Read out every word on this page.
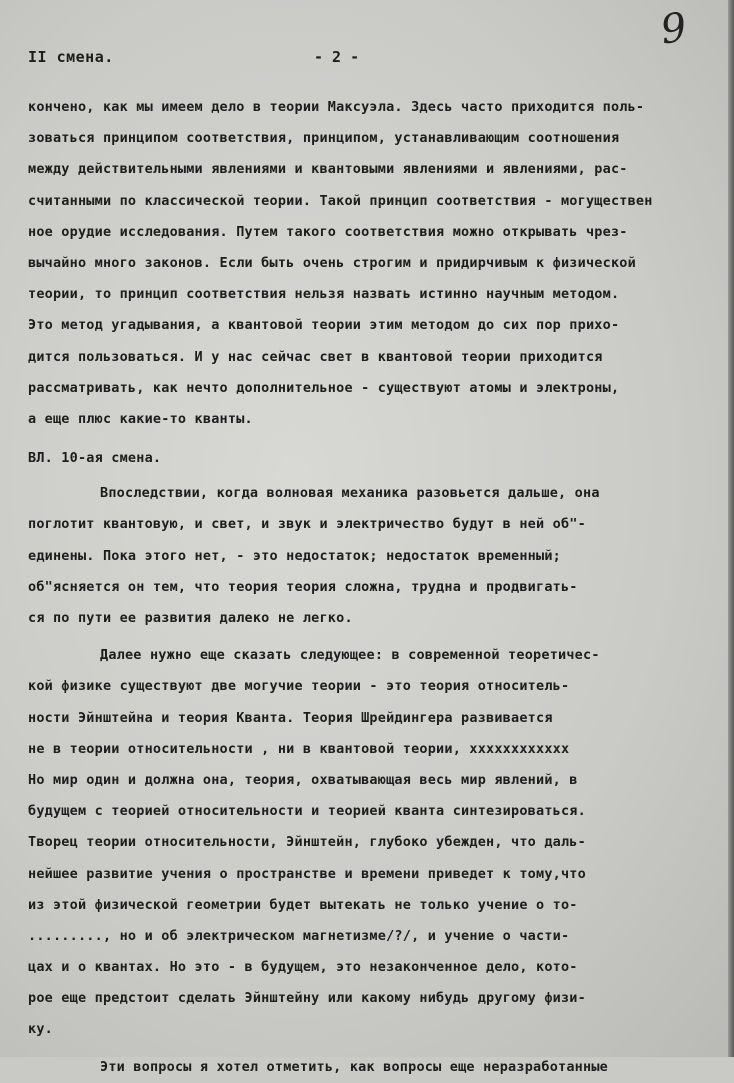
II смена.	- 2 -
9
кончено, как мы имеем дело в теории Максуэла. Здесь часто приходится поль-
зоваться принципом соответствия, принципом, устанавливающим соотношения
между действительными явлениями и квантовыми явлениями и явлениями, рас-
считанными по классической теории. Такой принцип соответствия - могуществен
ное орудие исследования. Путем такого соответствия можно открывать чрез-
вычайно много законов. Если быть очень строгим и придирчивым к физической
теории, то принцип соответствия нельзя назвать истинно научным методом.
Это метод угадывания, а квантовой теории этим методом до сих пор прихо-
дится пользоваться. И у нас сейчас свет в квантовой теории приходится
рассматривать, как нечто дополнительное - существуют атомы и электроны,
а еще плюс какие-то кванты.
ВЛ. 10-ая смена.
Впоследствии, когда волновая механика разовьется дальше, она
поглотит квантовую, и свет, и звук и электричество будут в ней об"-
единены. Пока этого нет, - это недостаток; недостаток временный;
об"ясняется он тем, что теория теория сложна, трудна и продвигать-
ся по пути ее развития далеко не легко.
Далее нужно еще сказать следующее: в современной теоретичес-
кой физике существуют две могучие теории - это теория относитель-
ности Эйнштейна и теория Кванта. Теория Шрейдингера развивается
не в теории относительности , ни в квантовой теории, xxxxxxxxxxxx
Но мир один и должна она, теория, охватывающая весь мир явлений, в
будущем с теорией относительности и теорией кванта синтезироваться.
Творец теории относительности, Эйнштейн, глубоко убежден, что даль-
нейшее развитие учения о пространстве и времени приведет к тому,что
из этой физической геометрии будет вытекать не только учение о то-
........., но и об электрическом магнетизме/?/, и учение о части-
цах и о квантах. Но это - в будущем, это незаконченное дело, кото-
рое еще предстоит сделать Эйнштейну или какому нибудь другому физи-
ку.
Эти вопросы я хотел отметить, как вопросы еще неразработанные
